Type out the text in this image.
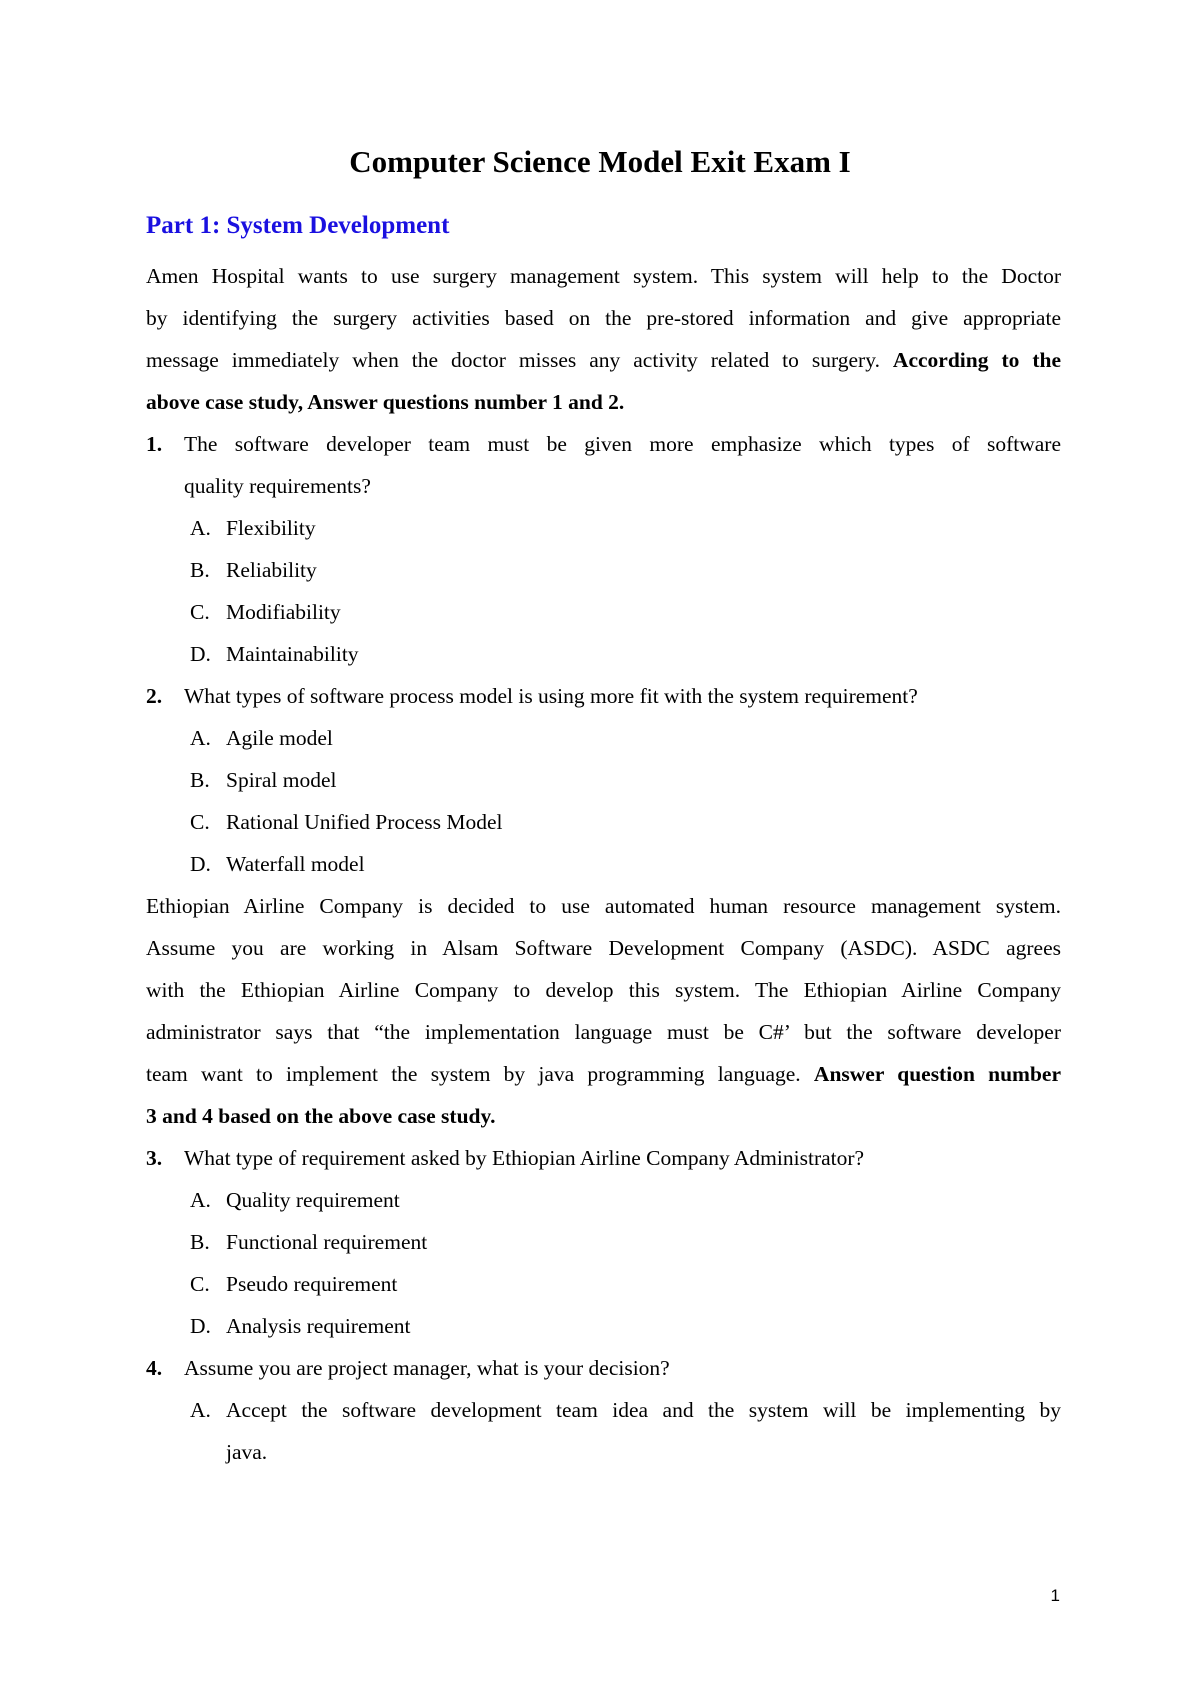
Computer Science Model Exit Exam I
Part 1: System Development
Amen Hospital wants to use surgery management system. This system will help to the Doctor
by identifying the surgery activities based on the pre-stored information and give appropriate
message immediately when the doctor misses any activity related to surgery. According to the
above case study, Answer questions number 1 and 2.
1. The software developer team must be given more emphasize which types of software
quality requirements?
A. Flexibility
B. Reliability
C. Modifiability
D. Maintainability
2. What types of software process model is using more fit with the system requirement?
A. Agile model
B. Spiral model
C. Rational Unified Process Model
D. Waterfall model
Ethiopian Airline Company is decided to use automated human resource management system.
Assume you are working in Alsam Software Development Company (ASDC). ASDC agrees
with the Ethiopian Airline Company to develop this system. The Ethiopian Airline Company
administrator says that “the implementation language must be C#’ but the software developer
team want to implement the system by java programming language. Answer question number
3 and 4 based on the above case study.
3. What type of requirement asked by Ethiopian Airline Company Administrator?
A. Quality requirement
B. Functional requirement
C. Pseudo requirement
D. Analysis requirement
4. Assume you are project manager, what is your decision?
A. Accept the software development team idea and the system will be implementing by
java.
1
